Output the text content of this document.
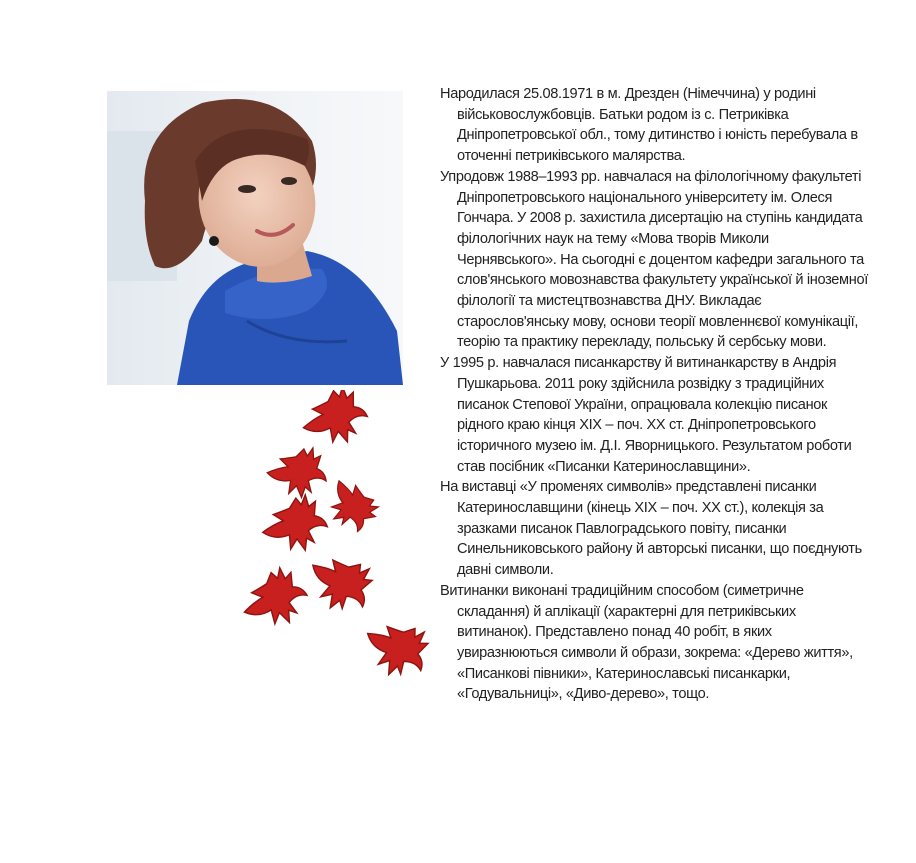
Народилася 25.08.1971 в м. Дрезден (Німеччина) у родині військовослужбовців. Батьки родом із с. Петриківка Дніпропетровської обл., тому дитинство і юність перебувала в оточенні петриківського малярства.

Упродовж 1988–1993 рр. навчалася на філологічному факультеті Дніпропетровського національного університету ім. Олеся Гончара. У 2008 р. захистила дисертацію на ступінь кандидата філологічних наук на тему «Мова творів Миколи Чернявського». На сьогодні є доцентом кафедри загального та слов'янського мовознавства факультету української й іноземної філології та мистецтвознавства ДНУ. Викладає старослов'янську мову, основи теорії мовленнєвої комунікації, теорію та практику перекладу, польську й сербську мови.

У 1995 р. навчалася писанкарству й витинанкарству в Андрія Пушкарьова. 2011 року здійснила розвідку з традиційних писанок Степової України, опрацювала колекцію писанок рідного краю кінця XIX – поч. XX ст. Дніпропетровського історичного музею ім. Д.І. Яворницького. Результатом роботи став посібник «Писанки Катеринославщини».

На виставці «У променях символів» представлені писанки Катеринославщини (кінець XIX – поч. XX ст.), колекція за зразками писанок Павлоградського повіту, писанки Синельниковського району й авторські писанки, що поєднують давні символи.

Витинанки виконані традиційним способом (симетричне складання) й аплікації (характерні для петриківських витинанок). Представлено понад 40 робіт, в яких увиразнюються символи й образи, зокрема: «Дерево життя», «Писанкові півники», Катеринославські писанкарки, «Годувальниці», «Диво-дерево», тощо.
